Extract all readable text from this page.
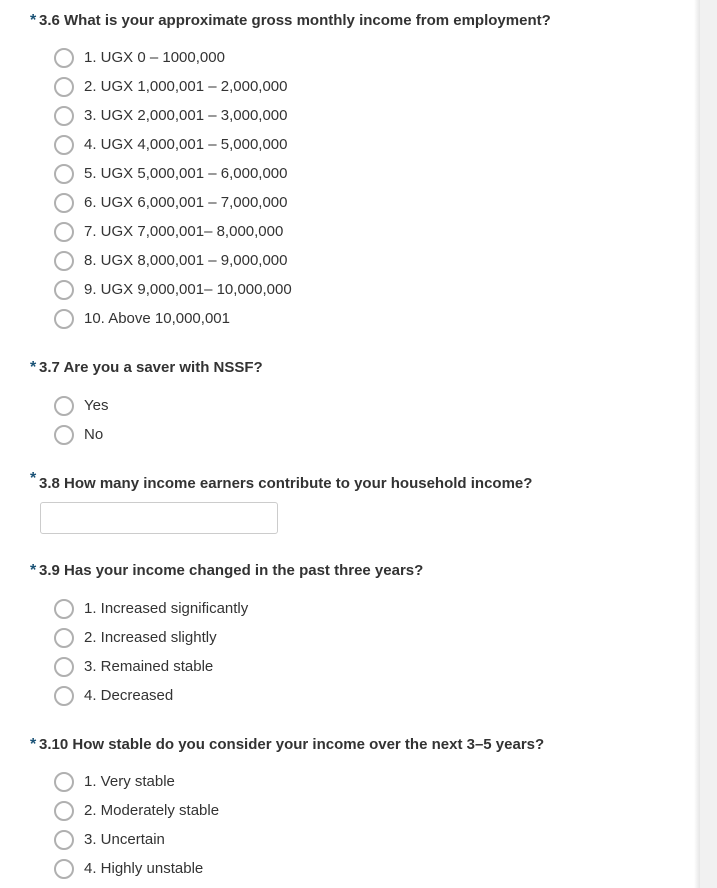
* 3.6 What is your approximate gross monthly income from employment?
1. UGX 0 – 1000,000
2. UGX 1,000,001 – 2,000,000
3. UGX 2,000,001 – 3,000,000
4. UGX 4,000,001 – 5,000,000
5. UGX 5,000,001 – 6,000,000
6. UGX 6,000,001 – 7,000,000
7. UGX 7,000,001– 8,000,000
8. UGX 8,000,001 – 9,000,000
9. UGX 9,000,001– 10,000,000
10. Above 10,000,001
* 3.7 Are you a saver with NSSF?
Yes
No
* 3.8 How many income earners contribute to your household income?
* 3.9 Has your income changed in the past three years?
1. Increased significantly
2. Increased slightly
3. Remained stable
4. Decreased
* 3.10 How stable do you consider your income over the next 3–5 years?
1. Very stable
2. Moderately stable
3. Uncertain
4. Highly unstable
